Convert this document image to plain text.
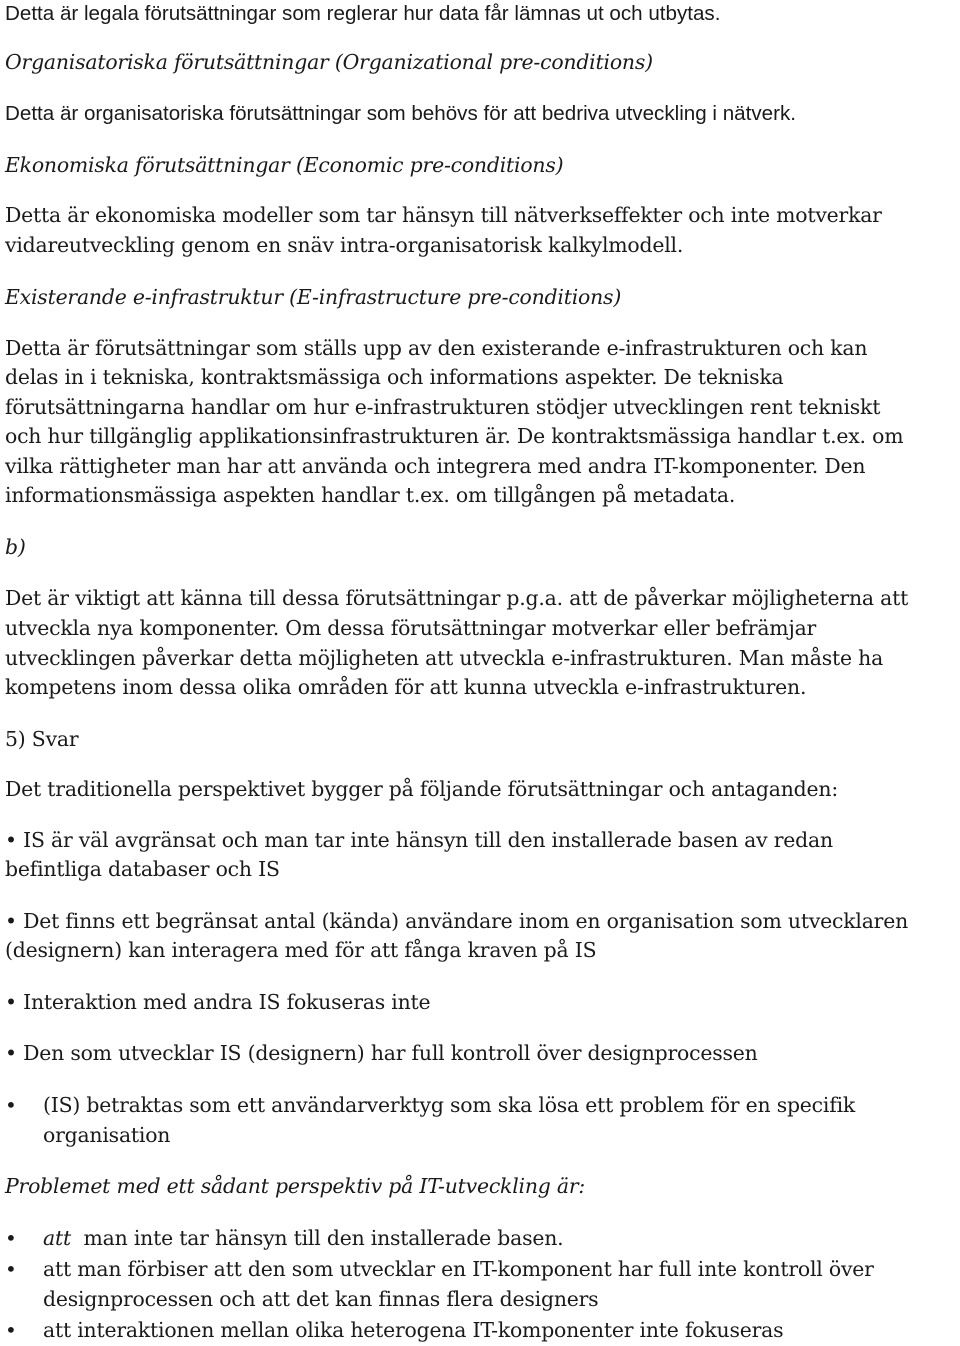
Detta är legala förutsättningar som reglerar hur data får lämnas ut och utbytas.
Organisatoriska förutsättningar (Organizational pre-conditions)
Detta är organisatoriska förutsättningar som behövs för att bedriva utveckling i nätverk.
Ekonomiska förutsättningar (Economic pre-conditions)
Detta är ekonomiska modeller som tar hänsyn till nätverkseffekter och inte motverkar
vidareutveckling genom en snäv intra-organisatorisk kalkylmodell.
Existerande e-infrastruktur (E-infrastructure pre-conditions)
Detta är förutsättningar som ställs upp av den existerande e-infrastrukturen och kan
delas in i tekniska, kontraktsmässiga och informations aspekter. De tekniska
förutsättningarna handlar om hur e-infrastrukturen stödjer utvecklingen rent tekniskt
och hur tillgänglig applikationsinfrastrukturen är. De kontraktsmässiga handlar t.ex. om
vilka rättigheter man har att använda och integrera med andra IT-komponenter. Den
informationsmässiga aspekten handlar t.ex. om tillgången på metadata.
b)
Det är viktigt att känna till dessa förutsättningar p.g.a. att de påverkar möjligheterna att
utveckla nya komponenter. Om dessa förutsättningar motverkar eller befrämjar
utvecklingen påverkar detta möjligheten att utveckla e-infrastrukturen. Man måste ha
kompetens inom dessa olika områden för att kunna utveckla e-infrastrukturen.
5) Svar
Det traditionella perspektivet bygger på följande förutsättningar och antaganden:
• IS är väl avgränsat och man tar inte hänsyn till den installerade basen av redan
befintliga databaser och IS
• Det finns ett begränsat antal (kända) användare inom en organisation som utvecklaren
(designern) kan interagera med för att fånga kraven på IS
• Interaktion med andra IS fokuseras inte
• Den som utvecklar IS (designern) har full kontroll över designprocessen
• (IS) betraktas som ett användarverktyg som ska lösa ett problem för en specifik
organisation
Problemet med ett sådant perspektiv på IT-utveckling är:
• att  man inte tar hänsyn till den installerade basen.
• att man förbiser att den som utvecklar en IT-komponent har full inte kontroll över
designprocessen och att det kan finnas flera designers
• att interaktionen mellan olika heterogena IT-komponenter inte fokuseras
